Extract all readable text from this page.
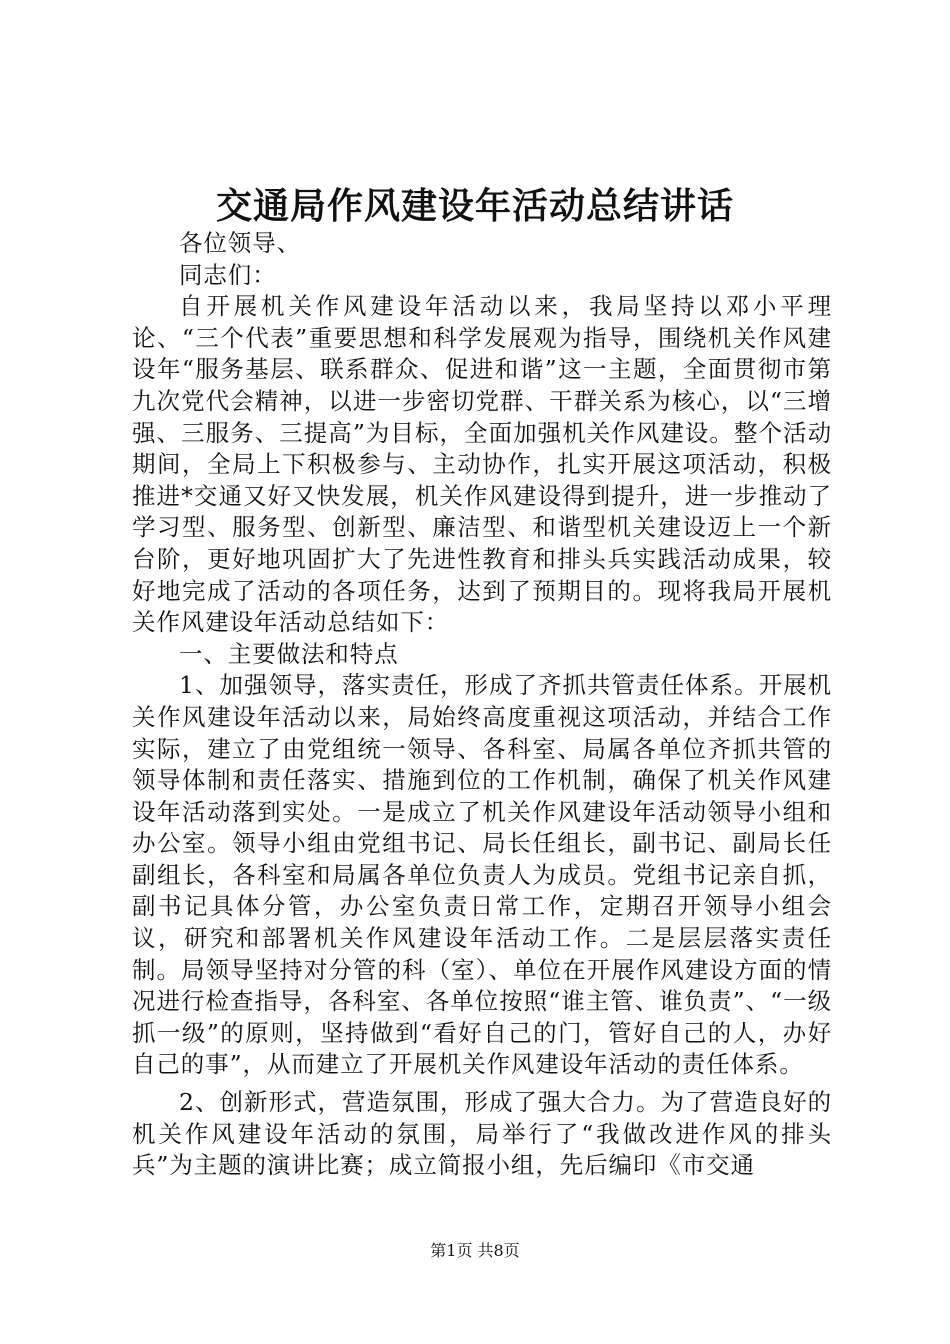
交通局作风建设年活动总结讲话

各位领导、

同志们：

自开展机关作风建设年活动以来，我局坚持以邓小平理论、“三个代表”重要思想和科学发展观为指导，围绕机关作风建设年“服务基层、联系群众、促进和谐”这一主题，全面贯彻市第九次党代会精神，以进一步密切党群、干群关系为核心，以“三增强、三服务、三提高”为目标，全面加强机关作风建设。整个活动期间，全局上下积极参与、主动协作，扎实开展这项活动，积极推进*交通又好又快发展，机关作风建设得到提升，进一步推动了学习型、服务型、创新型、廉洁型、和谐型机关建设迈上一个新台阶，更好地巩固扩大了先进性教育和排头兵实践活动成果，较好地完成了活动的各项任务，达到了预期目的。现将我局开展机关作风建设年活动总结如下：

一、主要做法和特点

1、加强领导，落实责任，形成了齐抓共管责任体系。开展机关作风建设年活动以来，局始终高度重视这项活动，并结合工作实际，建立了由党组统一领导、各科室、局属各单位齐抓共管的领导体制和责任落实、措施到位的工作机制，确保了机关作风建设年活动落到实处。一是成立了机关作风建设年活动领导小组和办公室。领导小组由党组书记、局长任组长，副书记、副局长任副组长，各科室和局属各单位负责人为成员。党组书记亲自抓，副书记具体分管，办公室负责日常工作，定期召开领导小组会议，研究和部署机关作风建设年活动工作。二是层层落实责任制。局领导坚持对分管的科（室）、单位在开展作风建设方面的情况进行检查指导，各科室、各单位按照“谁主管、谁负责”、“一级抓一级”的原则，坚持做到“看好自己的门，管好自己的人，办好自己的事”，从而建立了开展机关作风建设年活动的责任体系。

2、创新形式，营造氛围，形成了强大合力。为了营造良好的机关作风建设年活动的氛围，局举行了“我做改进作风的排头兵”为主题的演讲比赛；成立简报小组，先后编印《市交通

第1页 共8页
